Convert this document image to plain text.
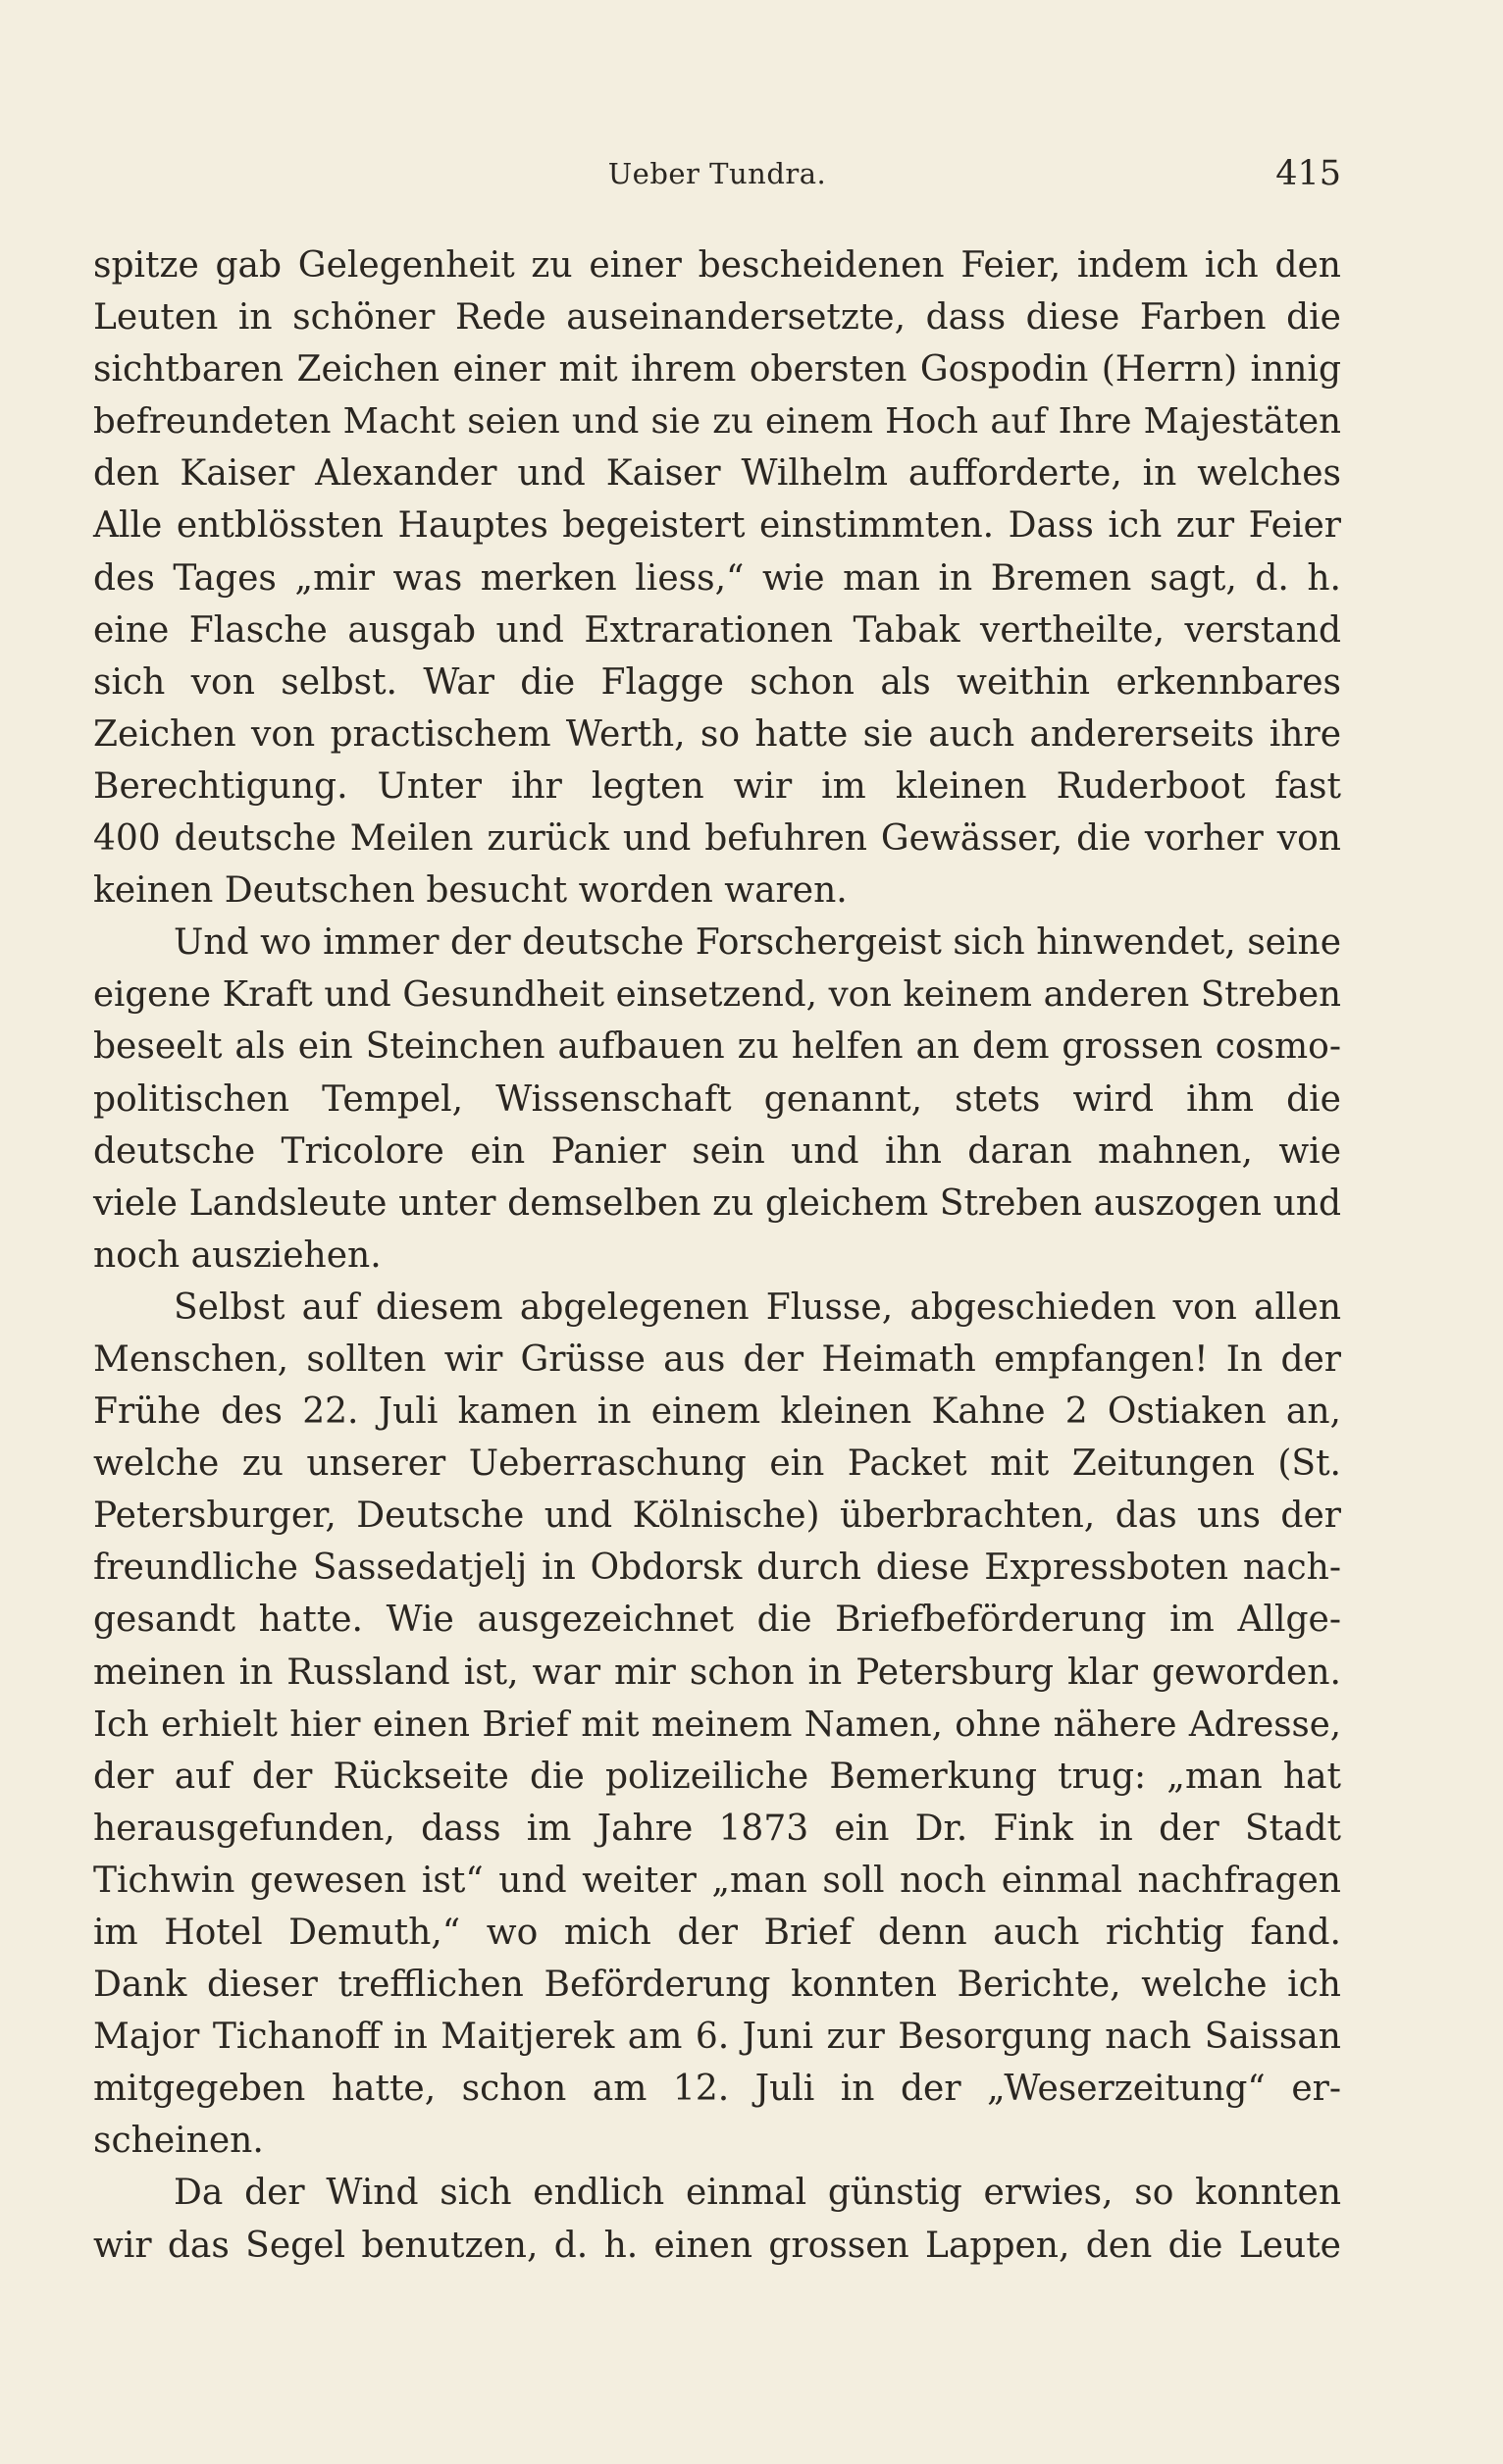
Ueber Tundra.	415
spitze gab Gelegenheit zu einer bescheidenen Feier, indem ich den
Leuten in schöner Rede auseinandersetzte, dass diese Farben die
sichtbaren Zeichen einer mit ihrem obersten Gospodin (Herrn) innig
befreundeten Macht seien und sie zu einem Hoch auf Ihre Majestäten
den Kaiser Alexander und Kaiser Wilhelm aufforderte, in welches
Alle entblössten Hauptes begeistert einstimmten. Dass ich zur Feier
des Tages „mir was merken liess,“ wie man in Bremen sagt, d. h.
eine Flasche ausgab und Extrarationen Tabak vertheilte, verstand
sich von selbst. War die Flagge schon als weithin erkennbares
Zeichen von practischem Werth, so hatte sie auch andererseits ihre
Berechtigung. Unter ihr legten wir im kleinen Ruderboot fast
400 deutsche Meilen zurück und befuhren Gewässer, die vorher von
keinen Deutschen besucht worden waren.
Und wo immer der deutsche Forschergeist sich hinwendet, seine
eigene Kraft und Gesundheit einsetzend, von keinem anderen Streben
beseelt als ein Steinchen aufbauen zu helfen an dem grossen cosmo-
politischen Tempel, Wissenschaft genannt, stets wird ihm die
deutsche Tricolore ein Panier sein und ihn daran mahnen, wie
viele Landsleute unter demselben zu gleichem Streben auszogen und
noch ausziehen.
Selbst auf diesem abgelegenen Flusse, abgeschieden von allen
Menschen, sollten wir Grüsse aus der Heimath empfangen! In der
Frühe des 22. Juli kamen in einem kleinen Kahne 2 Ostiaken an,
welche zu unserer Ueberraschung ein Packet mit Zeitungen (St.
Petersburger, Deutsche und Kölnische) überbrachten, das uns der
freundliche Sassedatjelj in Obdorsk durch diese Expressboten nach-
gesandt hatte. Wie ausgezeichnet die Briefbeförderung im Allge-
meinen in Russland ist, war mir schon in Petersburg klar geworden.
Ich erhielt hier einen Brief mit meinem Namen, ohne nähere Adresse,
der auf der Rückseite die polizeiliche Bemerkung trug: „man hat
herausgefunden, dass im Jahre 1873 ein Dr. Fink in der Stadt
Tichwin gewesen ist“ und weiter „man soll noch einmal nachfragen
im Hotel Demuth,“ wo mich der Brief denn auch richtig fand.
Dank dieser trefflichen Beförderung konnten Berichte, welche ich
Major Tichanoff in Maitjerek am 6. Juni zur Besorgung nach Saissan
mitgegeben hatte, schon am 12. Juli in der „Weserzeitung“ er-
scheinen.
Da der Wind sich endlich einmal günstig erwies, so konnten
wir das Segel benutzen, d. h. einen grossen Lappen, den die Leute
